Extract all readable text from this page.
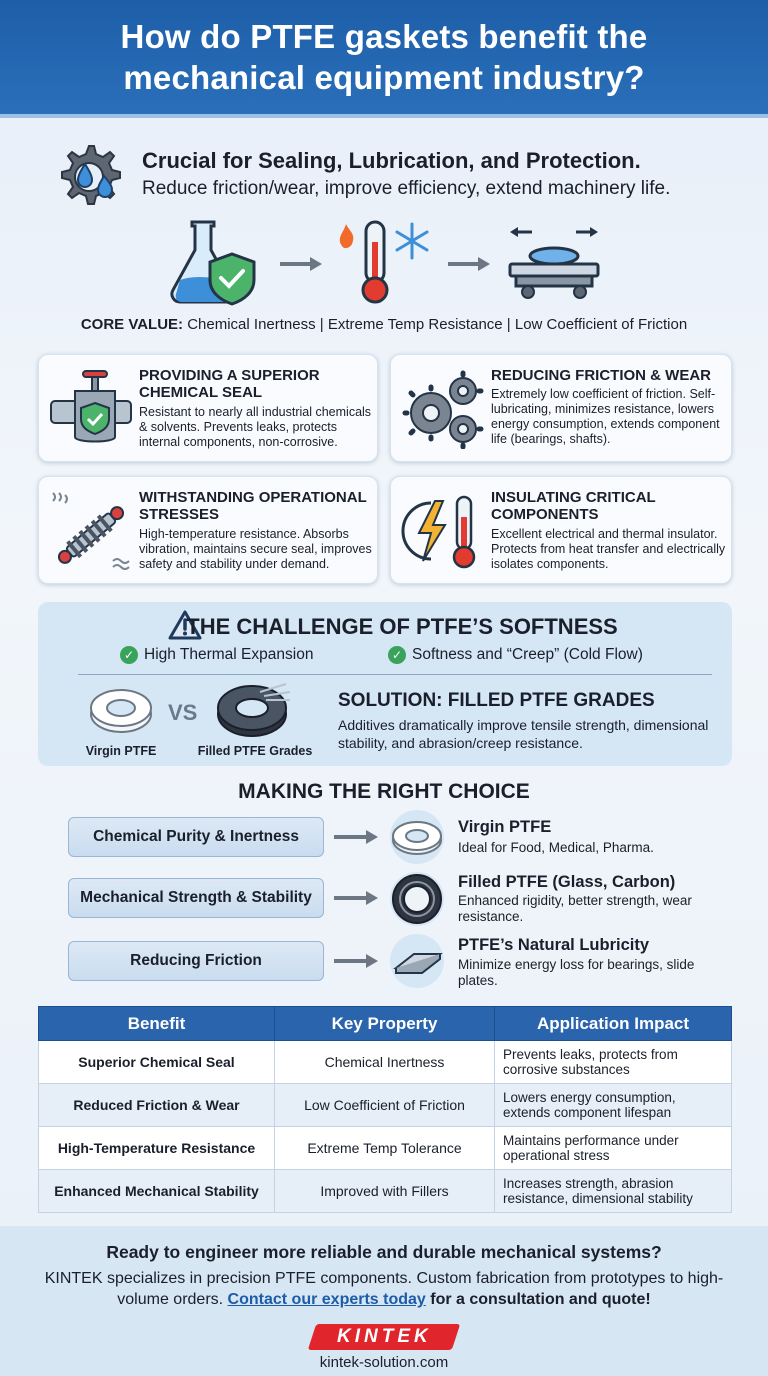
How do PTFE gaskets benefit the mechanical equipment industry?
Crucial for Sealing, Lubrication, and Protection.
Reduce friction/wear, improve efficiency, extend machinery life.
CORE VALUE: Chemical Inertness | Extreme Temp Resistance | Low Coefficient of Friction
PROVIDING A SUPERIOR CHEMICAL SEAL
Resistant to nearly all industrial chemicals & solvents. Prevents leaks, protects internal components, non-corrosive.
REDUCING FRICTION & WEAR
Extremely low coefficient of friction. Self-lubricating, minimizes resistance, lowers energy consumption, extends component life (bearings, shafts).
WITHSTANDING OPERATIONAL STRESSES
High-temperature resistance. Absorbs vibration, maintains secure seal, improves safety and stability under demand.
INSULATING CRITICAL COMPONENTS
Excellent electrical and thermal insulator. Protects from heat transfer and electrically isolates components.
THE CHALLENGE OF PTFE’S SOFTNESS
✓ High Thermal Expansion	✓ Softness and “Creep” (Cold Flow)
Virgin PTFE
VS
Filled PTFE Grades
SOLUTION: FILLED PTFE GRADES
Additives dramatically improve tensile strength, dimensional stability, and abrasion/creep resistance.
MAKING THE RIGHT CHOICE
Chemical Purity & Inertness
Virgin PTFE
Ideal for Food, Medical, Pharma.
Mechanical Strength & Stability
Filled PTFE (Glass, Carbon)
Enhanced rigidity, better strength, wear resistance.
Reducing Friction
PTFE’s Natural Lubricity
Minimize energy loss for bearings, slide plates.
Benefit	Key Property	Application Impact
Superior Chemical Seal	Chemical Inertness	Prevents leaks, protects from corrosive substances
Reduced Friction & Wear	Low Coefficient of Friction	Lowers energy consumption, extends component lifespan
High-Temperature Resistance	Extreme Temp Tolerance	Maintains performance under operational stress
Enhanced Mechanical Stability	Improved with Fillers	Increases strength, abrasion resistance, dimensional stability
Ready to engineer more reliable and durable mechanical systems?
KINTEK specializes in precision PTFE components. Custom fabrication from prototypes to high-volume orders. Contact our experts today for a consultation and quote!
KINTEK
kintek-solution.com
